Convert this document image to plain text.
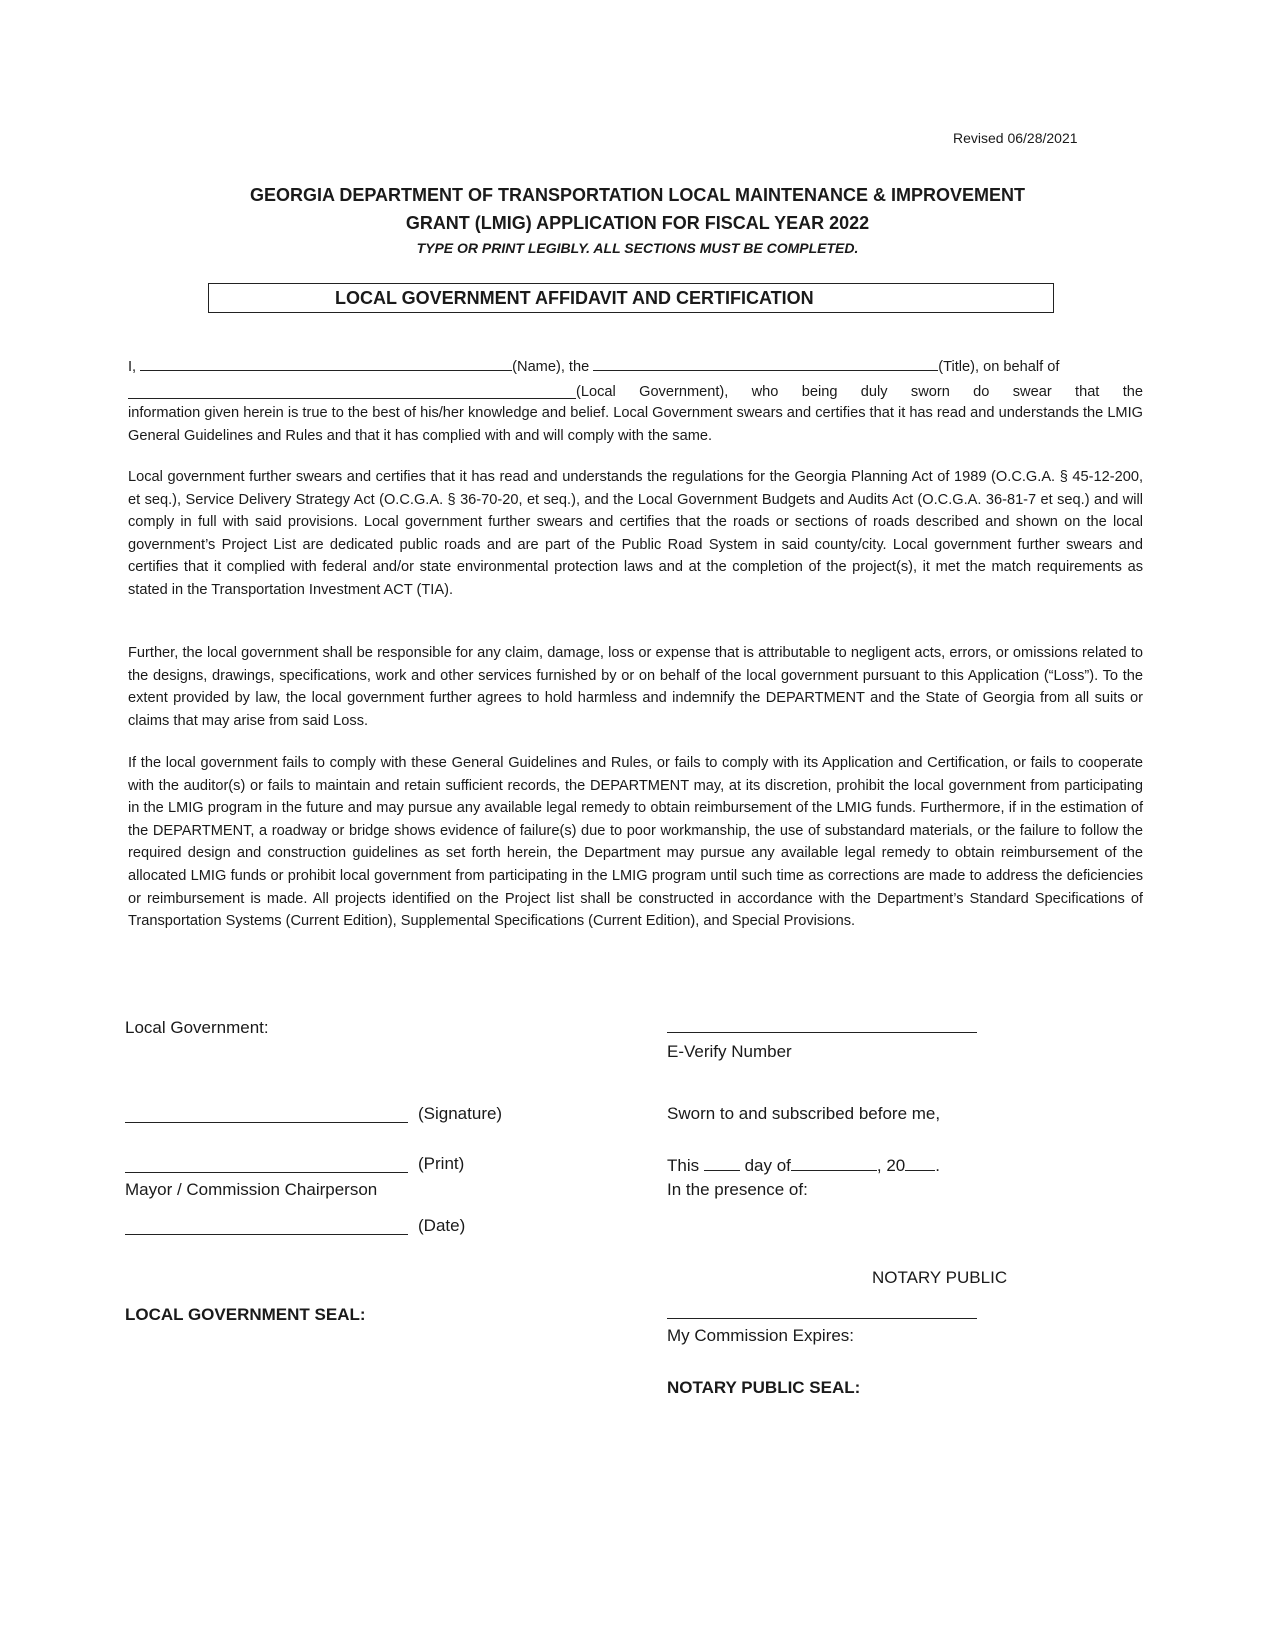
Revised 06/28/2021
GEORGIA DEPARTMENT OF TRANSPORTATION LOCAL MAINTENANCE & IMPROVEMENT
GRANT (LMIG) APPLICATION FOR FISCAL YEAR 2022
TYPE OR PRINT LEGIBLY. ALL SECTIONS MUST BE COMPLETED.
LOCAL GOVERNMENT AFFIDAVIT AND CERTIFICATION
I,	(Name), the	(Title), on behalf of
(Local Government), who being duly sworn do swear that the
information given herein is true to the best of his/her knowledge and belief. Local Government swears and certifies that it has read and understands the LMIG General Guidelines and Rules and that it has complied with and will comply with the same.
Local government further swears and certifies that it has read and understands the regulations for the Georgia Planning Act of 1989 (O.C.G.A. § 45-12-200, et seq.), Service Delivery Strategy Act (O.C.G.A. § 36-70-20, et seq.), and the Local Government Budgets and Audits Act (O.C.G.A. 36-81-7 et seq.) and will comply in full with said provisions. Local government further swears and certifies that the roads or sections of roads described and shown on the local government’s Project List are dedicated public roads and are part of the Public Road System in said county/city. Local government further swears and certifies that it complied with federal and/or state environmental protection laws and at the completion of the project(s), it met the match requirements as stated in the Transportation Investment ACT (TIA).
Further, the local government shall be responsible for any claim, damage, loss or expense that is attributable to negligent acts, errors, or omissions related to the designs, drawings, specifications, work and other services furnished by or on behalf of the local government pursuant to this Application (“Loss”). To the extent provided by law, the local government further agrees to hold harmless and indemnify the DEPARTMENT and the State of Georgia from all suits or claims that may arise from said Loss.
If the local government fails to comply with these General Guidelines and Rules, or fails to comply with its Application and Certification, or fails to cooperate with the auditor(s) or fails to maintain and retain sufficient records, the DEPARTMENT may, at its discretion, prohibit the local government from participating in the LMIG program in the future and may pursue any available legal remedy to obtain reimbursement of the LMIG funds. Furthermore, if in the estimation of the DEPARTMENT, a roadway or bridge shows evidence of failure(s) due to poor workmanship, the use of substandard materials, or the failure to follow the required design and construction guidelines as set forth herein, the Department may pursue any available legal remedy to obtain reimbursement of the allocated LMIG funds or prohibit local government from participating in the LMIG program until such time as corrections are made to address the deficiencies or reimbursement is made. All projects identified on the Project list shall be constructed in accordance with the Department’s Standard Specifications of Transportation Systems (Current Edition), Supplemental Specifications (Current Edition), and Special Provisions.
Local Government:
(Signature)
(Print)
Mayor / Commission Chairperson
(Date)
LOCAL GOVERNMENT SEAL:
E-Verify Number
Sworn to and subscribed before me,
This	day of	, 20 .
In the presence of:
NOTARY PUBLIC
My Commission Expires:
NOTARY PUBLIC SEAL:
